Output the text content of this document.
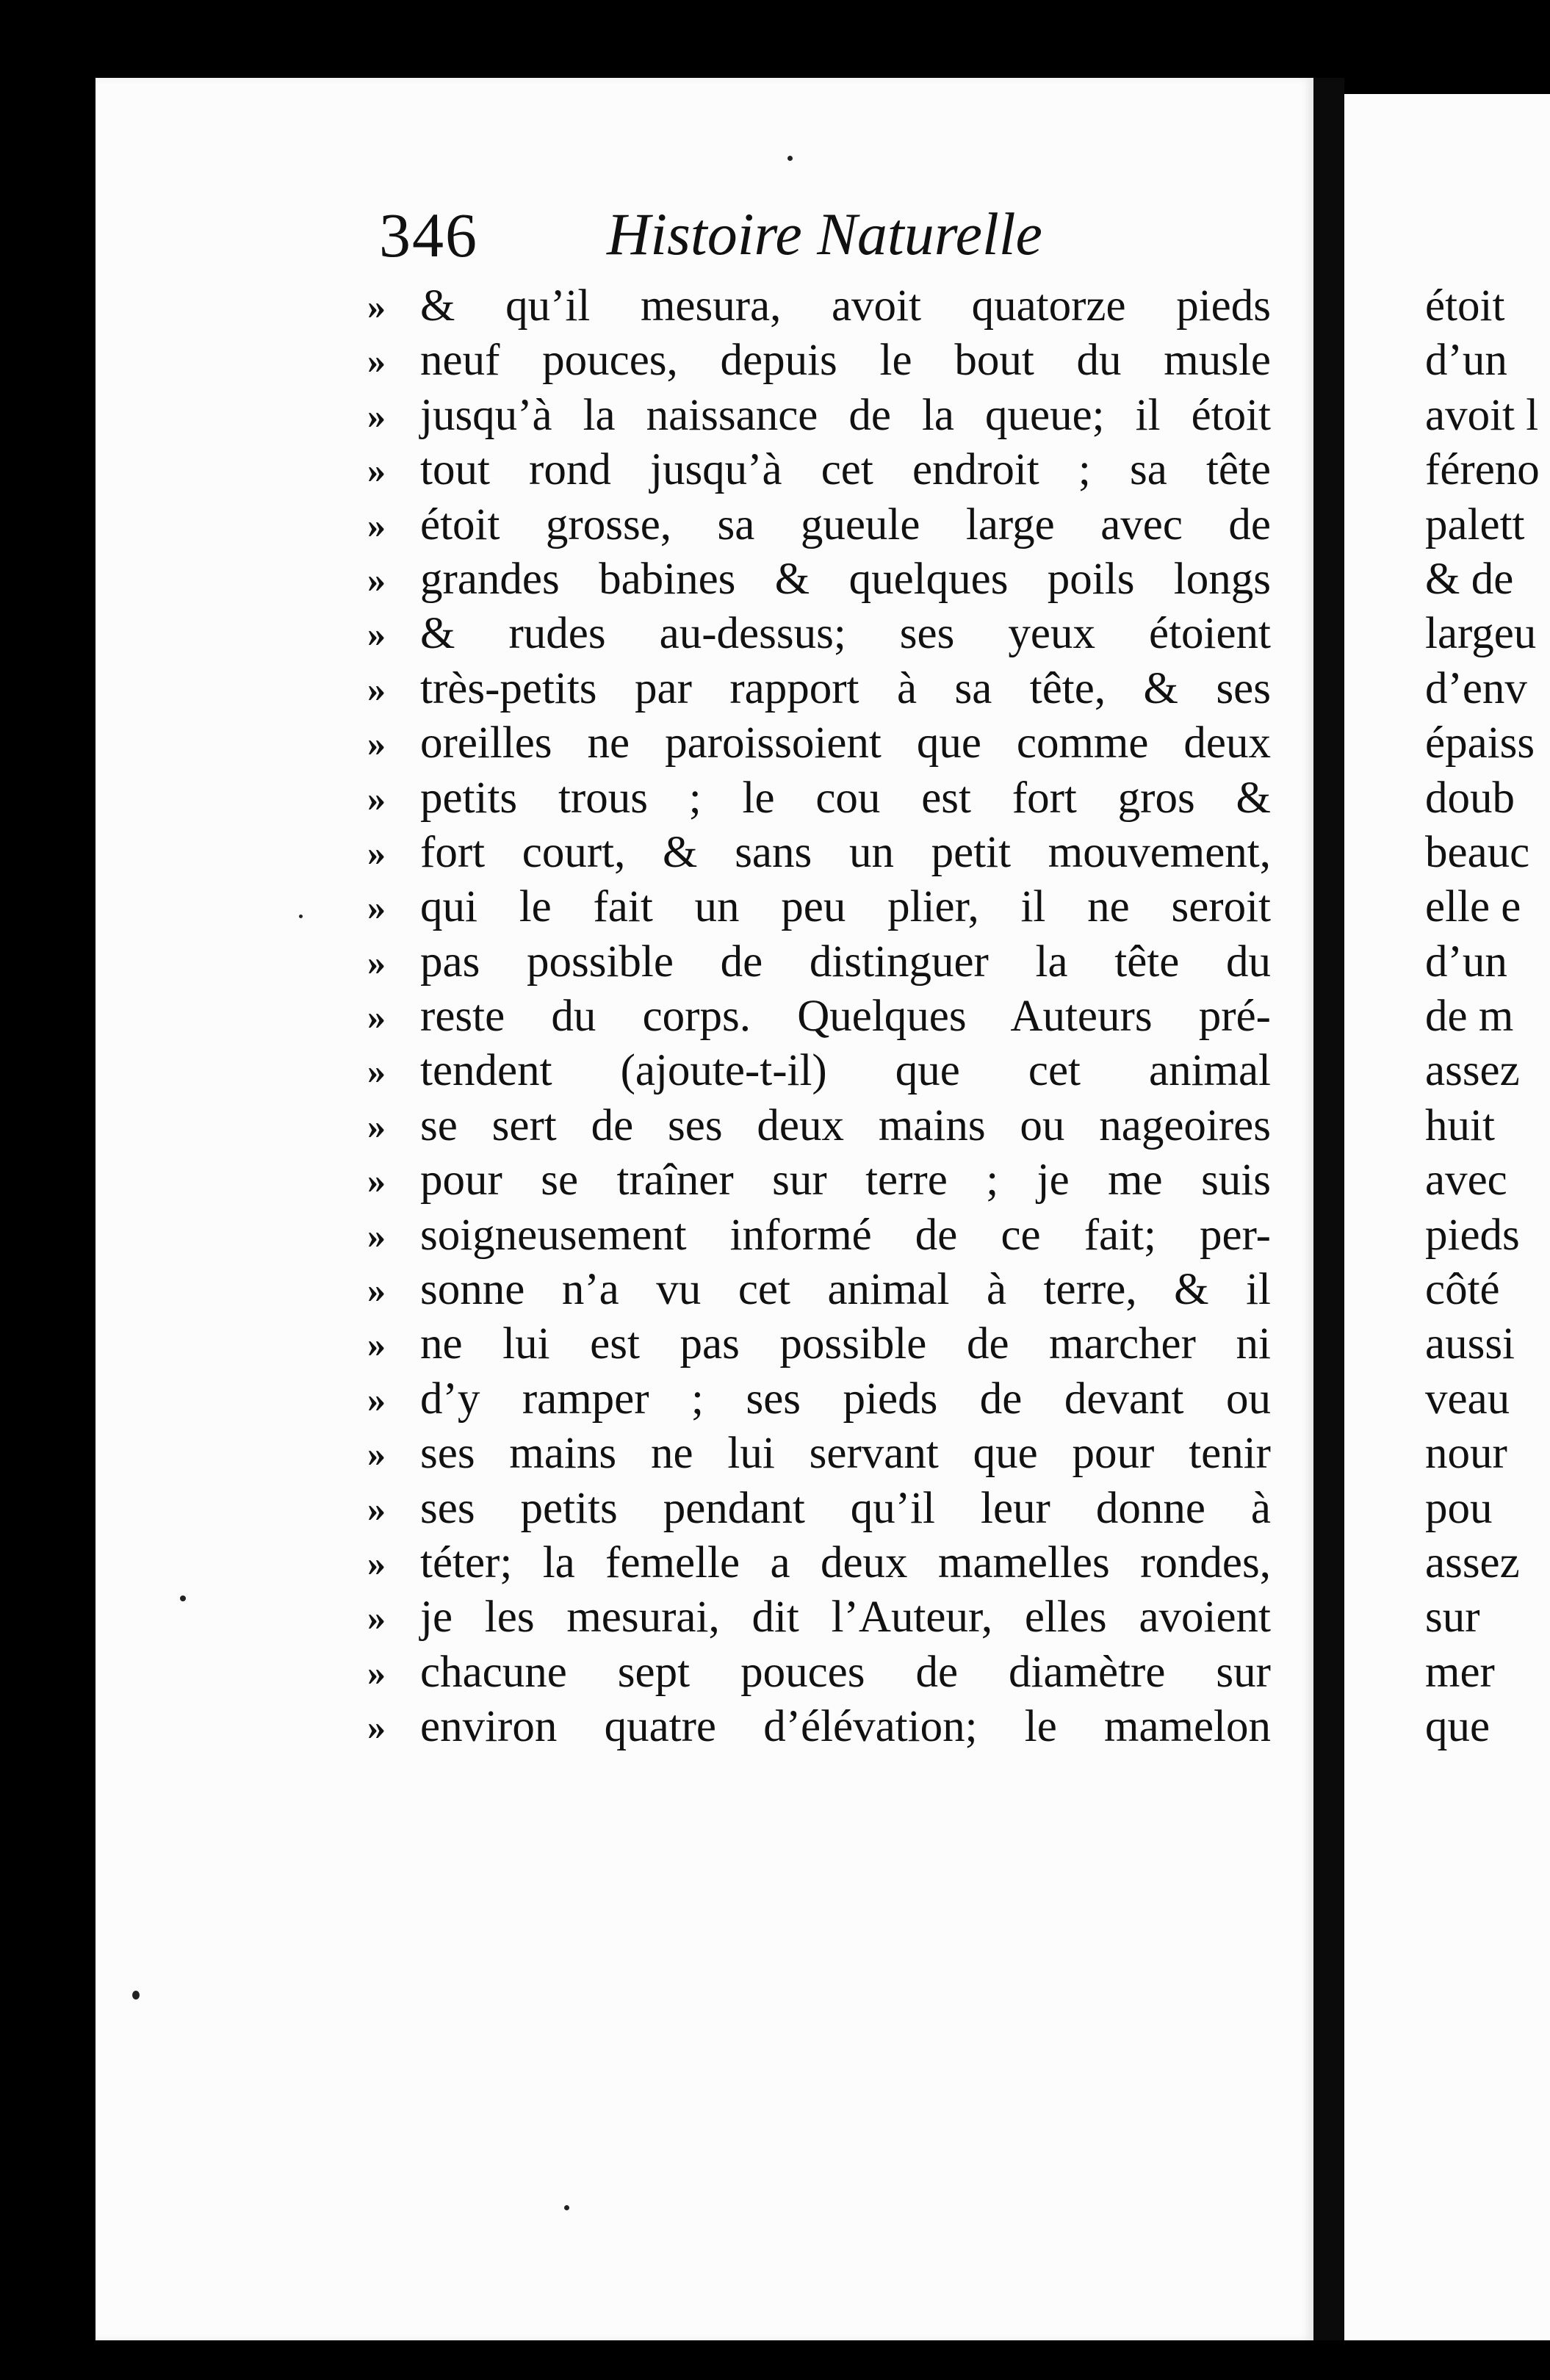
346 Histoire Naturelle
» & qu’il mesura, avoit quatorze pieds
» neuf pouces, depuis le bout du musle
» jusqu’à la naissance de la queue; il étoit
» tout rond jusqu’à cet endroit ; sa tête
» étoit grosse, sa gueule large avec de
» grandes babines & quelques poils longs
» & rudes au-dessus; ses yeux étoient
» très-petits par rapport à sa tête, & ses
» oreilles ne paroissoient que comme deux
» petits trous ; le cou est fort gros &
» fort court, & sans un petit mouvement,
» qui le fait un peu plier, il ne seroit
» pas possible de distinguer la tête du
» reste du corps. Quelques Auteurs pré-
» tendent (ajoute-t-il) que cet animal
» se sert de ses deux mains ou nageoires
» pour se traîner sur terre ; je me suis
» soigneusement informé de ce fait; per-
» sonne n’a vu cet animal à terre, & il
» ne lui est pas possible de marcher ni
» d’y ramper ; ses pieds de devant ou
» ses mains ne lui servant que pour tenir
» ses petits pendant qu’il leur donne à
» téter; la femelle a deux mamelles rondes,
» je les mesurai, dit l’Auteur, elles avoient
» chacune sept pouces de diamètre sur
» environ quatre d’élévation; le mamelon
étoit
d’un
avoit l
féreno
palett
& de
largeu
d’env
épaiss
doub
beauc
elle e
d’un
de m
assez
huit
avec
pieds
côté
aussi
veau
nour
pou
assez
sur
mer
que
